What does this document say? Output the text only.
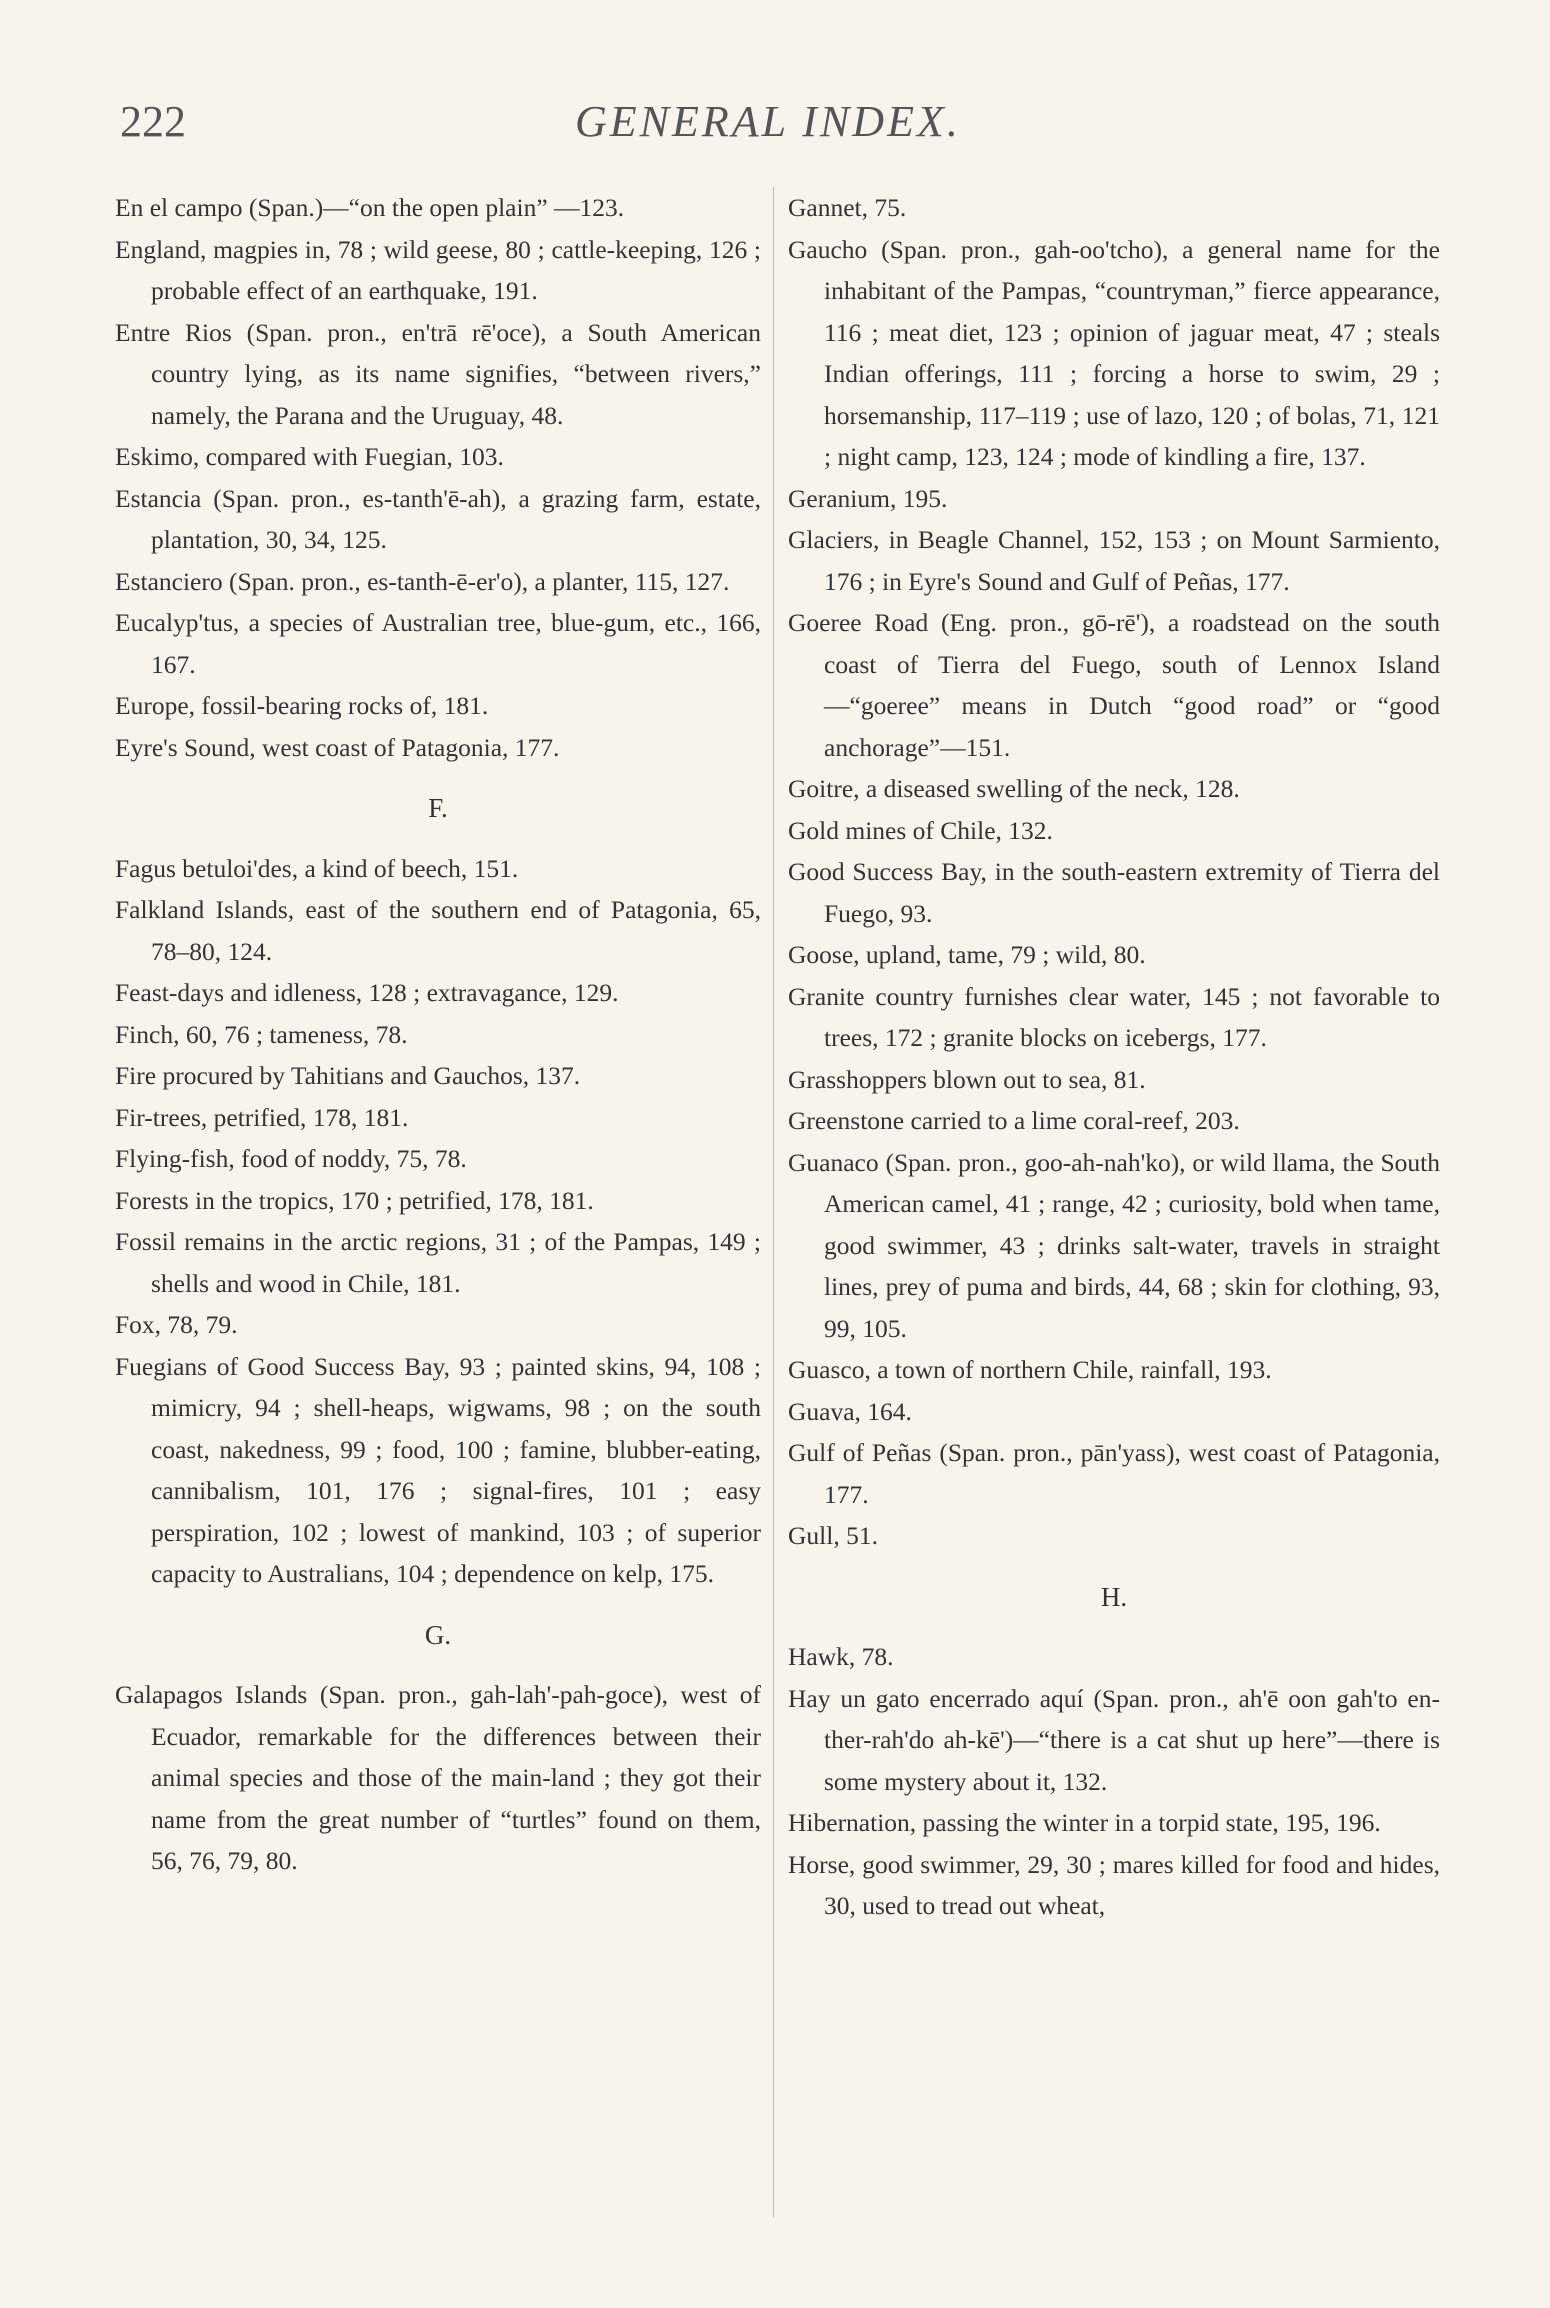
222	GENERAL INDEX.

En el campo (Span.)—“on the open plain” —123.

England, magpies in, 78 ; wild geese, 80 ; cattle-keeping, 126 ; probable effect of an earthquake, 191.

Entre Rios (Span. pron., en'trā rē'oce), a South American country lying, as its name signifies, “between rivers,” namely, the Parana and the Uruguay, 48.

Eskimo, compared with Fuegian, 103.

Estancia (Span. pron., es-tanth'ē-ah), a grazing farm, estate, plantation, 30, 34, 125.

Estanciero (Span. pron., es-tanth-ē-er'o), a planter, 115, 127.

Eucalyp'tus, a species of Australian tree, blue-gum, etc., 166, 167.

Europe, fossil-bearing rocks of, 181.

Eyre's Sound, west coast of Patagonia, 177.

F.

Fagus betuloi'des, a kind of beech, 151.

Falkland Islands, east of the southern end of Patagonia, 65, 78–80, 124.

Feast-days and idleness, 128 ; extravagance, 129.

Finch, 60, 76 ; tameness, 78.

Fire procured by Tahitians and Gauchos, 137.

Fir-trees, petrified, 178, 181.

Flying-fish, food of noddy, 75, 78.

Forests in the tropics, 170 ; petrified, 178, 181.

Fossil remains in the arctic regions, 31 ; of the Pampas, 149 ; shells and wood in Chile, 181.

Fox, 78, 79.

Fuegians of Good Success Bay, 93 ; painted skins, 94, 108 ; mimicry, 94 ; shell-heaps, wigwams, 98 ; on the south coast, nakedness, 99 ; food, 100 ; famine, blubber-eating, cannibalism, 101, 176 ; signal-fires, 101 ; easy perspiration, 102 ; lowest of mankind, 103 ; of superior capacity to Australians, 104 ; dependence on kelp, 175.

G.

Galapagos Islands (Span. pron., gah-lah'-pah-goce), west of Ecuador, remarkable for the differences between their animal species and those of the main-land ; they got their name from the great number of “turtles” found on them, 56, 76, 79, 80.

Gannet, 75.

Gaucho (Span. pron., gah-oo'tcho), a general name for the inhabitant of the Pampas, “countryman,” fierce appearance, 116 ; meat diet, 123 ; opinion of jaguar meat, 47 ; steals Indian offerings, 111 ; forcing a horse to swim, 29 ; horsemanship, 117–119 ; use of lazo, 120 ; of bolas, 71, 121 ; night camp, 123, 124 ; mode of kindling a fire, 137.

Geranium, 195.

Glaciers, in Beagle Channel, 152, 153 ; on Mount Sarmiento, 176 ; in Eyre's Sound and Gulf of Peñas, 177.

Goeree Road (Eng. pron., gō-rē'), a roadstead on the south coast of Tierra del Fuego, south of Lennox Island—“goeree” means in Dutch “good road” or “good anchorage”—151.

Goitre, a diseased swelling of the neck, 128.

Gold mines of Chile, 132.

Good Success Bay, in the south-eastern extremity of Tierra del Fuego, 93.

Goose, upland, tame, 79 ; wild, 80.

Granite country furnishes clear water, 145 ; not favorable to trees, 172 ; granite blocks on icebergs, 177.

Grasshoppers blown out to sea, 81.

Greenstone carried to a lime coral-reef, 203.

Guanaco (Span. pron., goo-ah-nah'ko), or wild llama, the South American camel, 41 ; range, 42 ; curiosity, bold when tame, good swimmer, 43 ; drinks salt-water, travels in straight lines, prey of puma and birds, 44, 68 ; skin for clothing, 93, 99, 105.

Guasco, a town of northern Chile, rainfall, 193.

Guava, 164.

Gulf of Peñas (Span. pron., pān'yass), west coast of Patagonia, 177.

Gull, 51.

H.

Hawk, 78.

Hay un gato encerrado aquí (Span. pron., ah'ē oon gah'to en-ther-rah'do ah-kē')—“there is a cat shut up here”—there is some mystery about it, 132.

Hibernation, passing the winter in a torpid state, 195, 196.

Horse, good swimmer, 29, 30 ; mares killed for food and hides, 30, used to tread out wheat,
